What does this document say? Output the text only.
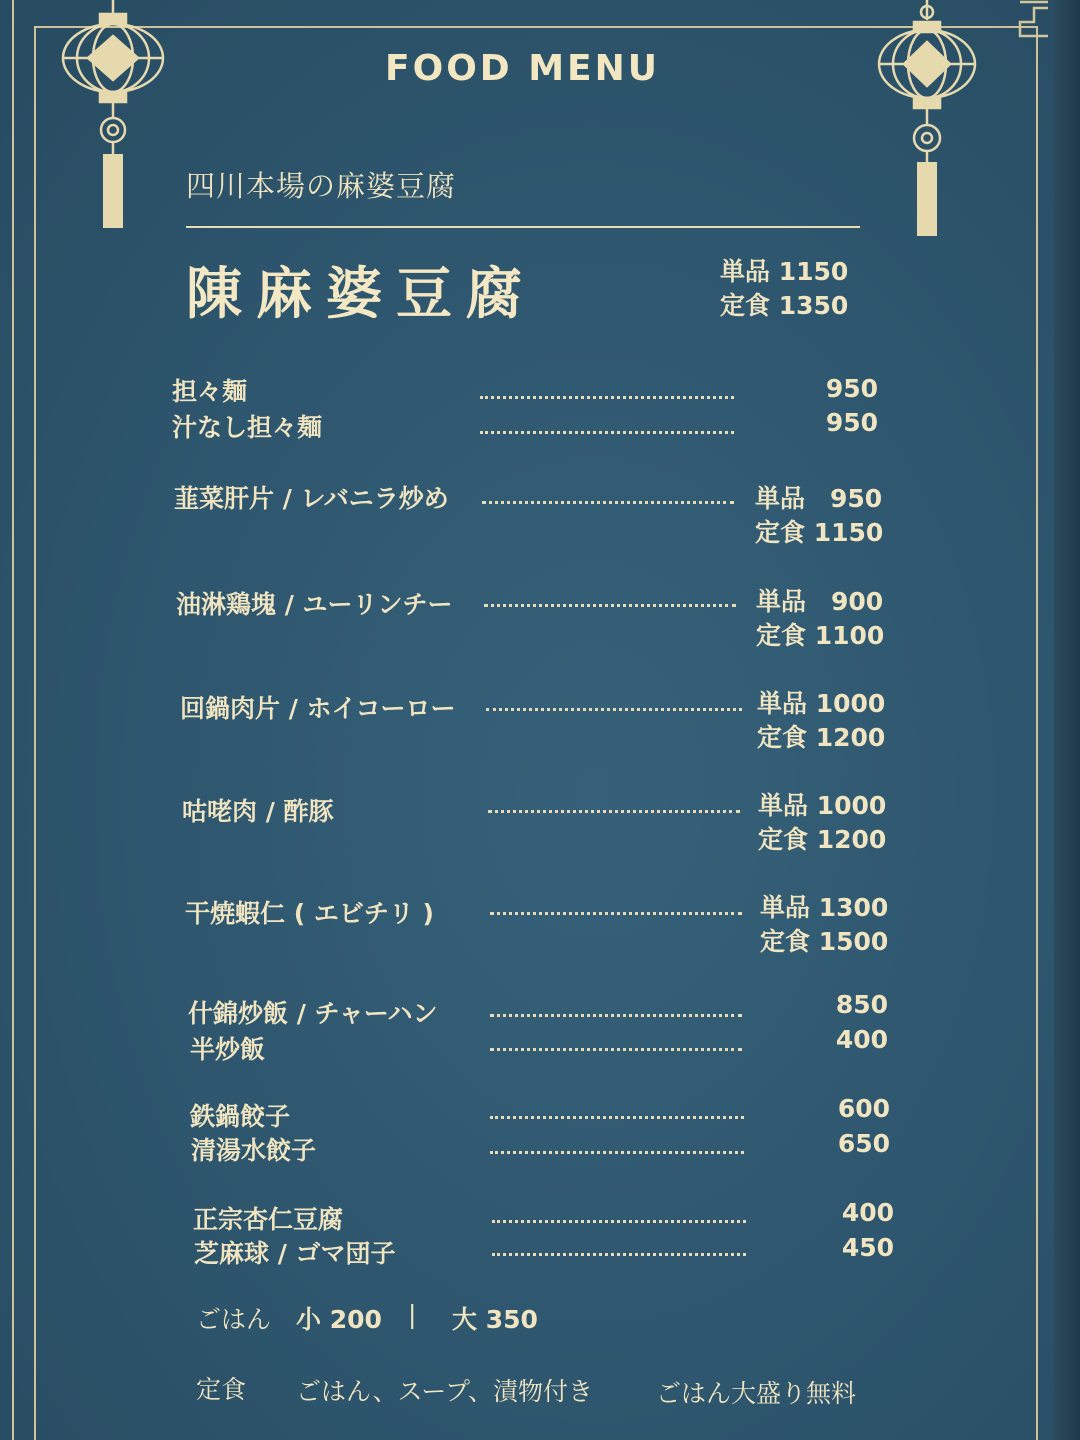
FOOD MENU
四川本場の麻婆豆腐
陳麻婆豆腐	単品 1150
定食 1350
担々麺	950
汁なし担々麺	950
韮菜肝片 / レバニラ炒め	単品　950
定食 1150
油淋鶏塊 / ユーリンチー	単品　900
定食 1100
回鍋肉片 / ホイコーロー	単品 1000
定食 1200
咕咾肉 / 酢豚	単品 1000
定食 1200
干焼蝦仁 ( エビチリ )	単品 1300
定食 1500
什錦炒飯 / チャーハン	850
半炒飯	400
鉄鍋餃子	600
清湯水餃子	650
正宗杏仁豆腐	400
芝麻球 / ゴマ団子	450
ごはん 小 200 | 大 350
定食 ごはん、スープ、漬物付き	ごはん大盛り無料
